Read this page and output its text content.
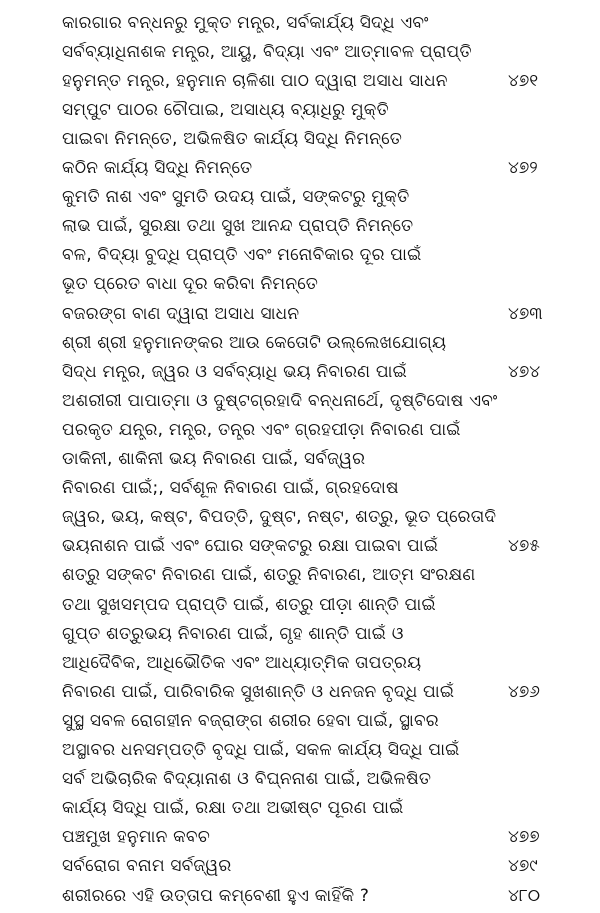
କାରଗାର ବନ୍ଧନରୁ ମୁକ୍ତ ମନ୍ତ୍ର, ସର୍ବକାର୍ଯ୍ୟ ସିଦ୍ଧି ଏବଂ
ସର୍ବବ୍ୟାଧିନାଶକ ମନ୍ତ୍ର, ଆୟୁ, ବିଦ୍ୟା ଏବଂ ଆତ୍ମାବଳ ପ୍ରାପ୍ତି
ହନୁମନ୍ତ ମନ୍ତ୍ର, ହନୁମାନ ଚାଳିଶା ପାଠ ଦ୍ୱାରା ଅସାଧ ସାଧନ	୪୭୧
ସମ୍ପୁଟ ପାଠର ଚୌପାଇ, ଅସାଧ୍ୟ ବ୍ୟାଧିରୁ ମୁକ୍ତି
ପାଇବା ନିମନ୍ତେ, ଅଭିଳଷିତ କାର୍ଯ୍ୟ ସିଦ୍ଧି ନିମନ୍ତେ
କଠିନ କାର୍ଯ୍ୟ ସିଦ୍ଧି ନିମନ୍ତେ	୪୭୨
କୁମତି ନାଶ ଏବଂ ସୁମତି ଉଦୟ ପାଇଁ, ସଙ୍କଟରୁ ମୁକ୍ତି
ଲାଭ ପାଇଁ, ସୁରକ୍ଷା ତଥା ସୁଖ ଆନନ୍ଦ ପ୍ରାପ୍ତି ନିମନ୍ତେ
ବଳ, ବିଦ୍ୟା ବୁଦ୍ଧି ପ୍ରାପ୍ତି ଏବଂ ମନୋବିକାର ଦୂର ପାଇଁ
ଭୂତ ପ୍ରେତ ବାଧା ଦୂର କରିବା ନିମନ୍ତେ
ବଜରଙ୍ଗ ବାଣ ଦ୍ୱାରା ଅସାଧ ସାଧନ	୪୭୩
ଶ୍ରୀ ଶ୍ରୀ ହନୁମାନଙ୍କର ଆଉ କେତୋଟି ଉଲ୍ଲେଖଯୋଗ୍ୟ
ସିଦ୍ଧ ମନ୍ତ୍ର, ଜ୍ୱର ଓ ସର୍ବବ୍ୟାଧି ଭୟ ନିବାରଣ ପାଇଁ	୪୭୪
ଅଶରୀରୀ ପାପାତ୍ମା ଓ ଦୁଷ୍ଟଗ୍ରହାଦି ବନ୍ଧନାର୍ଥେ, ଦୃଷ୍ଟିଦୋଷ ଏବଂ
ପରକୃତ ଯନ୍ତ୍ର, ମନ୍ତ୍ର, ତନ୍ତ୍ର ଏବଂ ଗ୍ରହପୀଡ଼ା ନିବାରଣ ପାଇଁ
ଡାକିନୀ, ଶାକିନୀ ଭୟ ନିବାରଣ ପାଇଁ, ସର୍ବଜ୍ୱର
ନିବାରଣ ପାଇଁ;, ସର୍ବଶୂଳ ନିବାରଣ ପାଇଁ, ଗ୍ରହଦୋଷ
ଜ୍ୱର, ଭୟ, କଷ୍ଟ, ବିପତ୍ତି, ଦୁଷ୍ଟ, ନଷ୍ଟ, ଶତ୍ରୁ, ଭୂତ ପ୍ରେତାଦି
ଭୟନାଶନ ପାଇଁ ଏବଂ ଘୋର ସଙ୍କଟରୁ ରକ୍ଷା ପାଇବା ପାଇଁ	୪୭୫
ଶତ୍ରୁ ସଙ୍କଟ ନିବାରଣ ପାଇଁ, ଶତ୍ରୁ ନିବାରଣ, ଆତ୍ମ ସଂରକ୍ଷଣ
ତଥା ସୁଖସମ୍ପଦ ପ୍ରାପ୍ତି ପାଇଁ, ଶତ୍ରୁ ପୀଡ଼ା ଶାନ୍ତି ପାଇଁ
ଗୁପ୍ତ ଶତ୍ରୁଭୟ ନିବାରଣ ପାଇଁ, ଗୃହ ଶାନ୍ତି ପାଇଁ ଓ
ଆଧିଦୈବିକ, ଆଧିଭୌତିକ ଏବଂ ଆଧ୍ୟାତ୍ମିକ ତାପତ୍ରୟ
ନିବାରଣ ପାଇଁ, ପାରିବାରିକ ସୁଖଶାନ୍ତି ଓ ଧନଜନ ବୃଦ୍ଧି ପାଇଁ	୪୭୬
ସୁସ୍ଥ ସବଳ ରୋଗହୀନ ବଜ୍ରାଙ୍ଗ ଶରୀର ହେବା ପାଇଁ, ସ୍ଥାବର
ଅସ୍ଥାବର ଧନସମ୍ପତ୍ତି ବୃଦ୍ଧି ପାଇଁ, ସକଳ କାର୍ଯ୍ୟ ସିଦ୍ଧି ପାଇଁ
ସର୍ବ ଅଭିଚାରିକ ବିଦ୍ୟାନାଶ ଓ ବିଘ୍ନନାଶ ପାଇଁ, ଅଭିଳଷିତ
କାର୍ଯ୍ୟ ସିଦ୍ଧି ପାଇଁ, ରକ୍ଷା ତଥା ଅଭୀଷ୍ଟ ପୂରଣ ପାଇଁ
ପଞ୍ଚମୁଖ ହନୁମାନ କବଚ	୪୭୭
ସର୍ବରୋଗ ବନାମ ସର୍ବଜ୍ୱର	୪୭୯
ଶରୀରରେ ଏହି ଉତ୍ତାପ କମ୍‌ବେଶୀ ହୁଏ କାହିଁକି ?	୪୮୦
